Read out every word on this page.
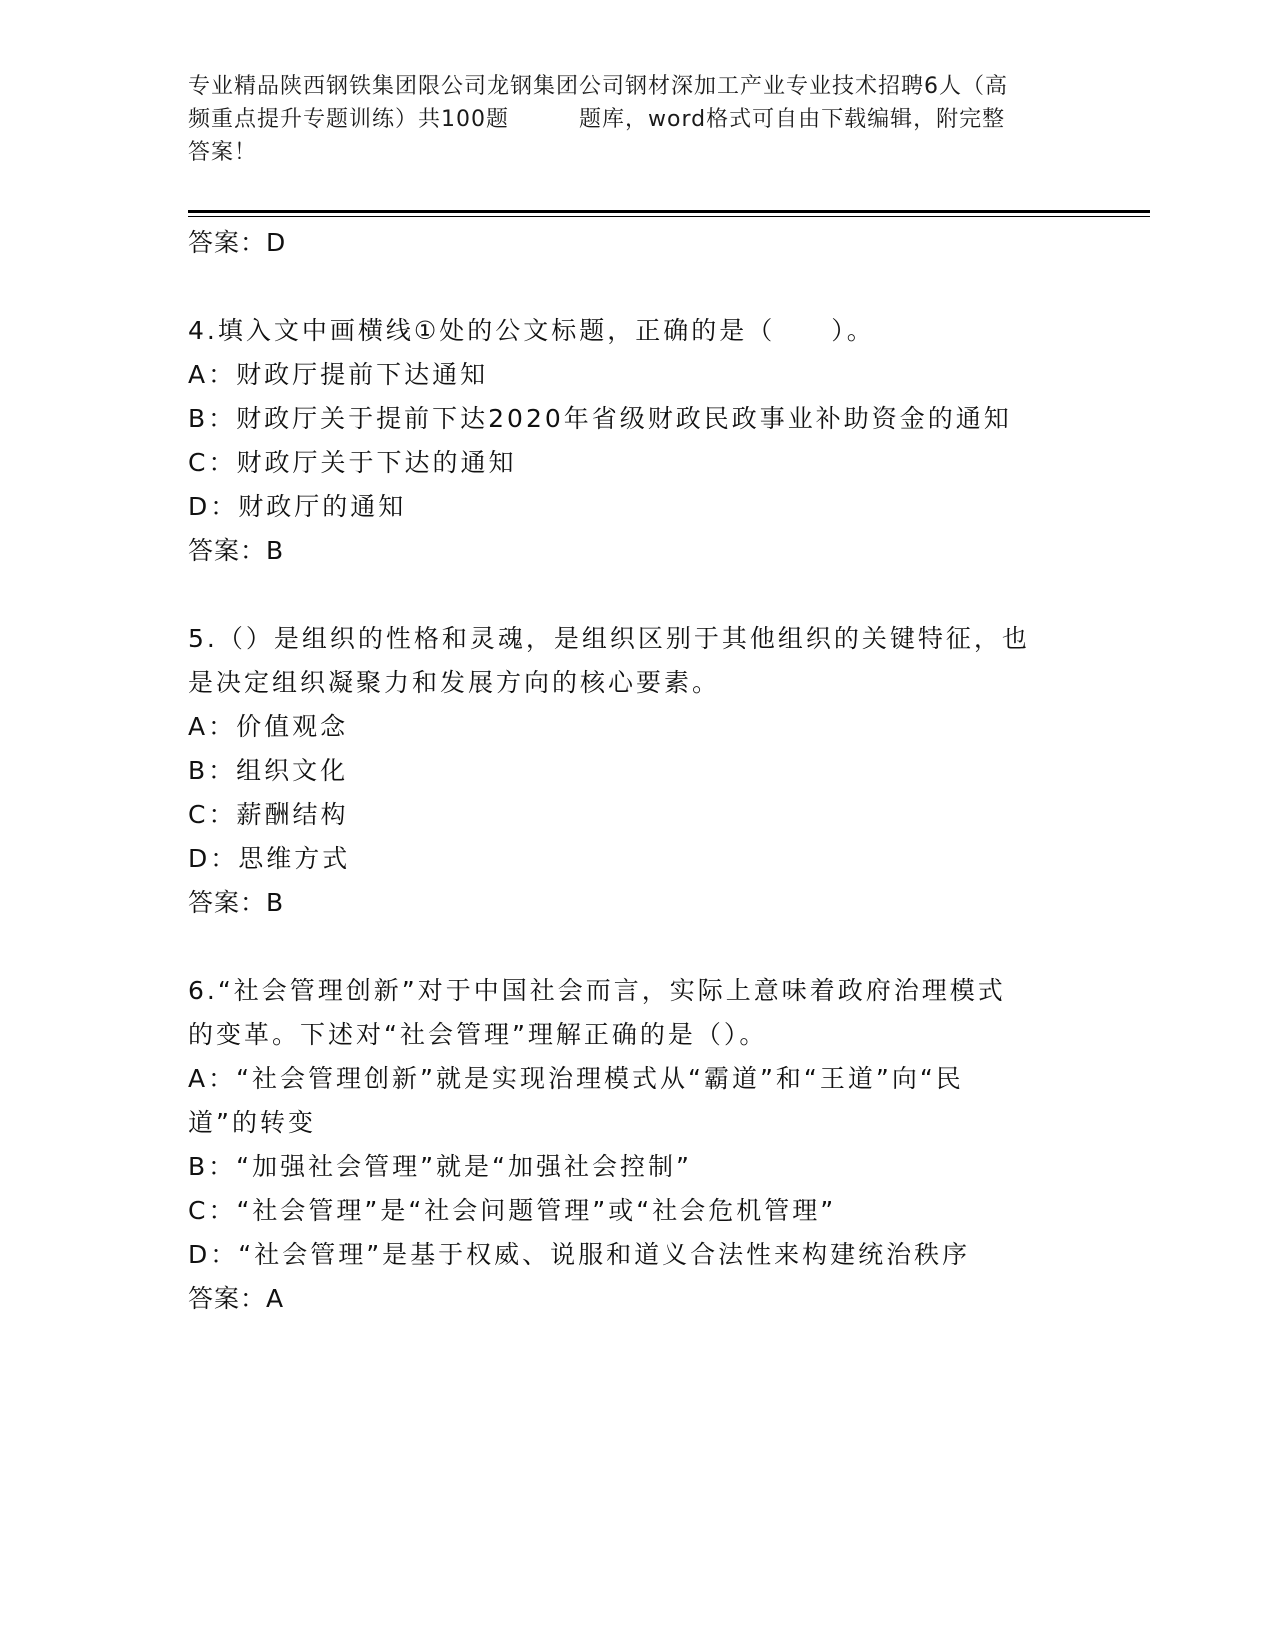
专业精品陕西钢铁集团限公司龙钢集团公司钢材深加工产业专业技术招聘6人（高
频重点提升专题训练）共100题	题库，word格式可自由下载编辑，附完整
答案！
答案：D
4.填入文中画横线①处的公文标题，正确的是（　　）。
A：财政厅提前下达通知
B：财政厅关于提前下达2020年省级财政民政事业补助资金的通知
C：财政厅关于下达的通知
D：财政厅的通知
答案：B
5.（）是组织的性格和灵魂，是组织区别于其他组织的关键特征，也
是决定组织凝聚力和发展方向的核心要素。
A：价值观念
B：组织文化
C：薪酬结构
D：思维方式
答案：B
6.“社会管理创新”对于中国社会而言，实际上意味着政府治理模式
的变革。下述对“社会管理”理解正确的是（）。
A：“社会管理创新”就是实现治理模式从“霸道”和“王道”向“民
道”的转变
B：“加强社会管理”就是“加强社会控制”
C：“社会管理”是“社会问题管理”或“社会危机管理”
D：“社会管理”是基于权威、说服和道义合法性来构建统治秩序
答案：A
